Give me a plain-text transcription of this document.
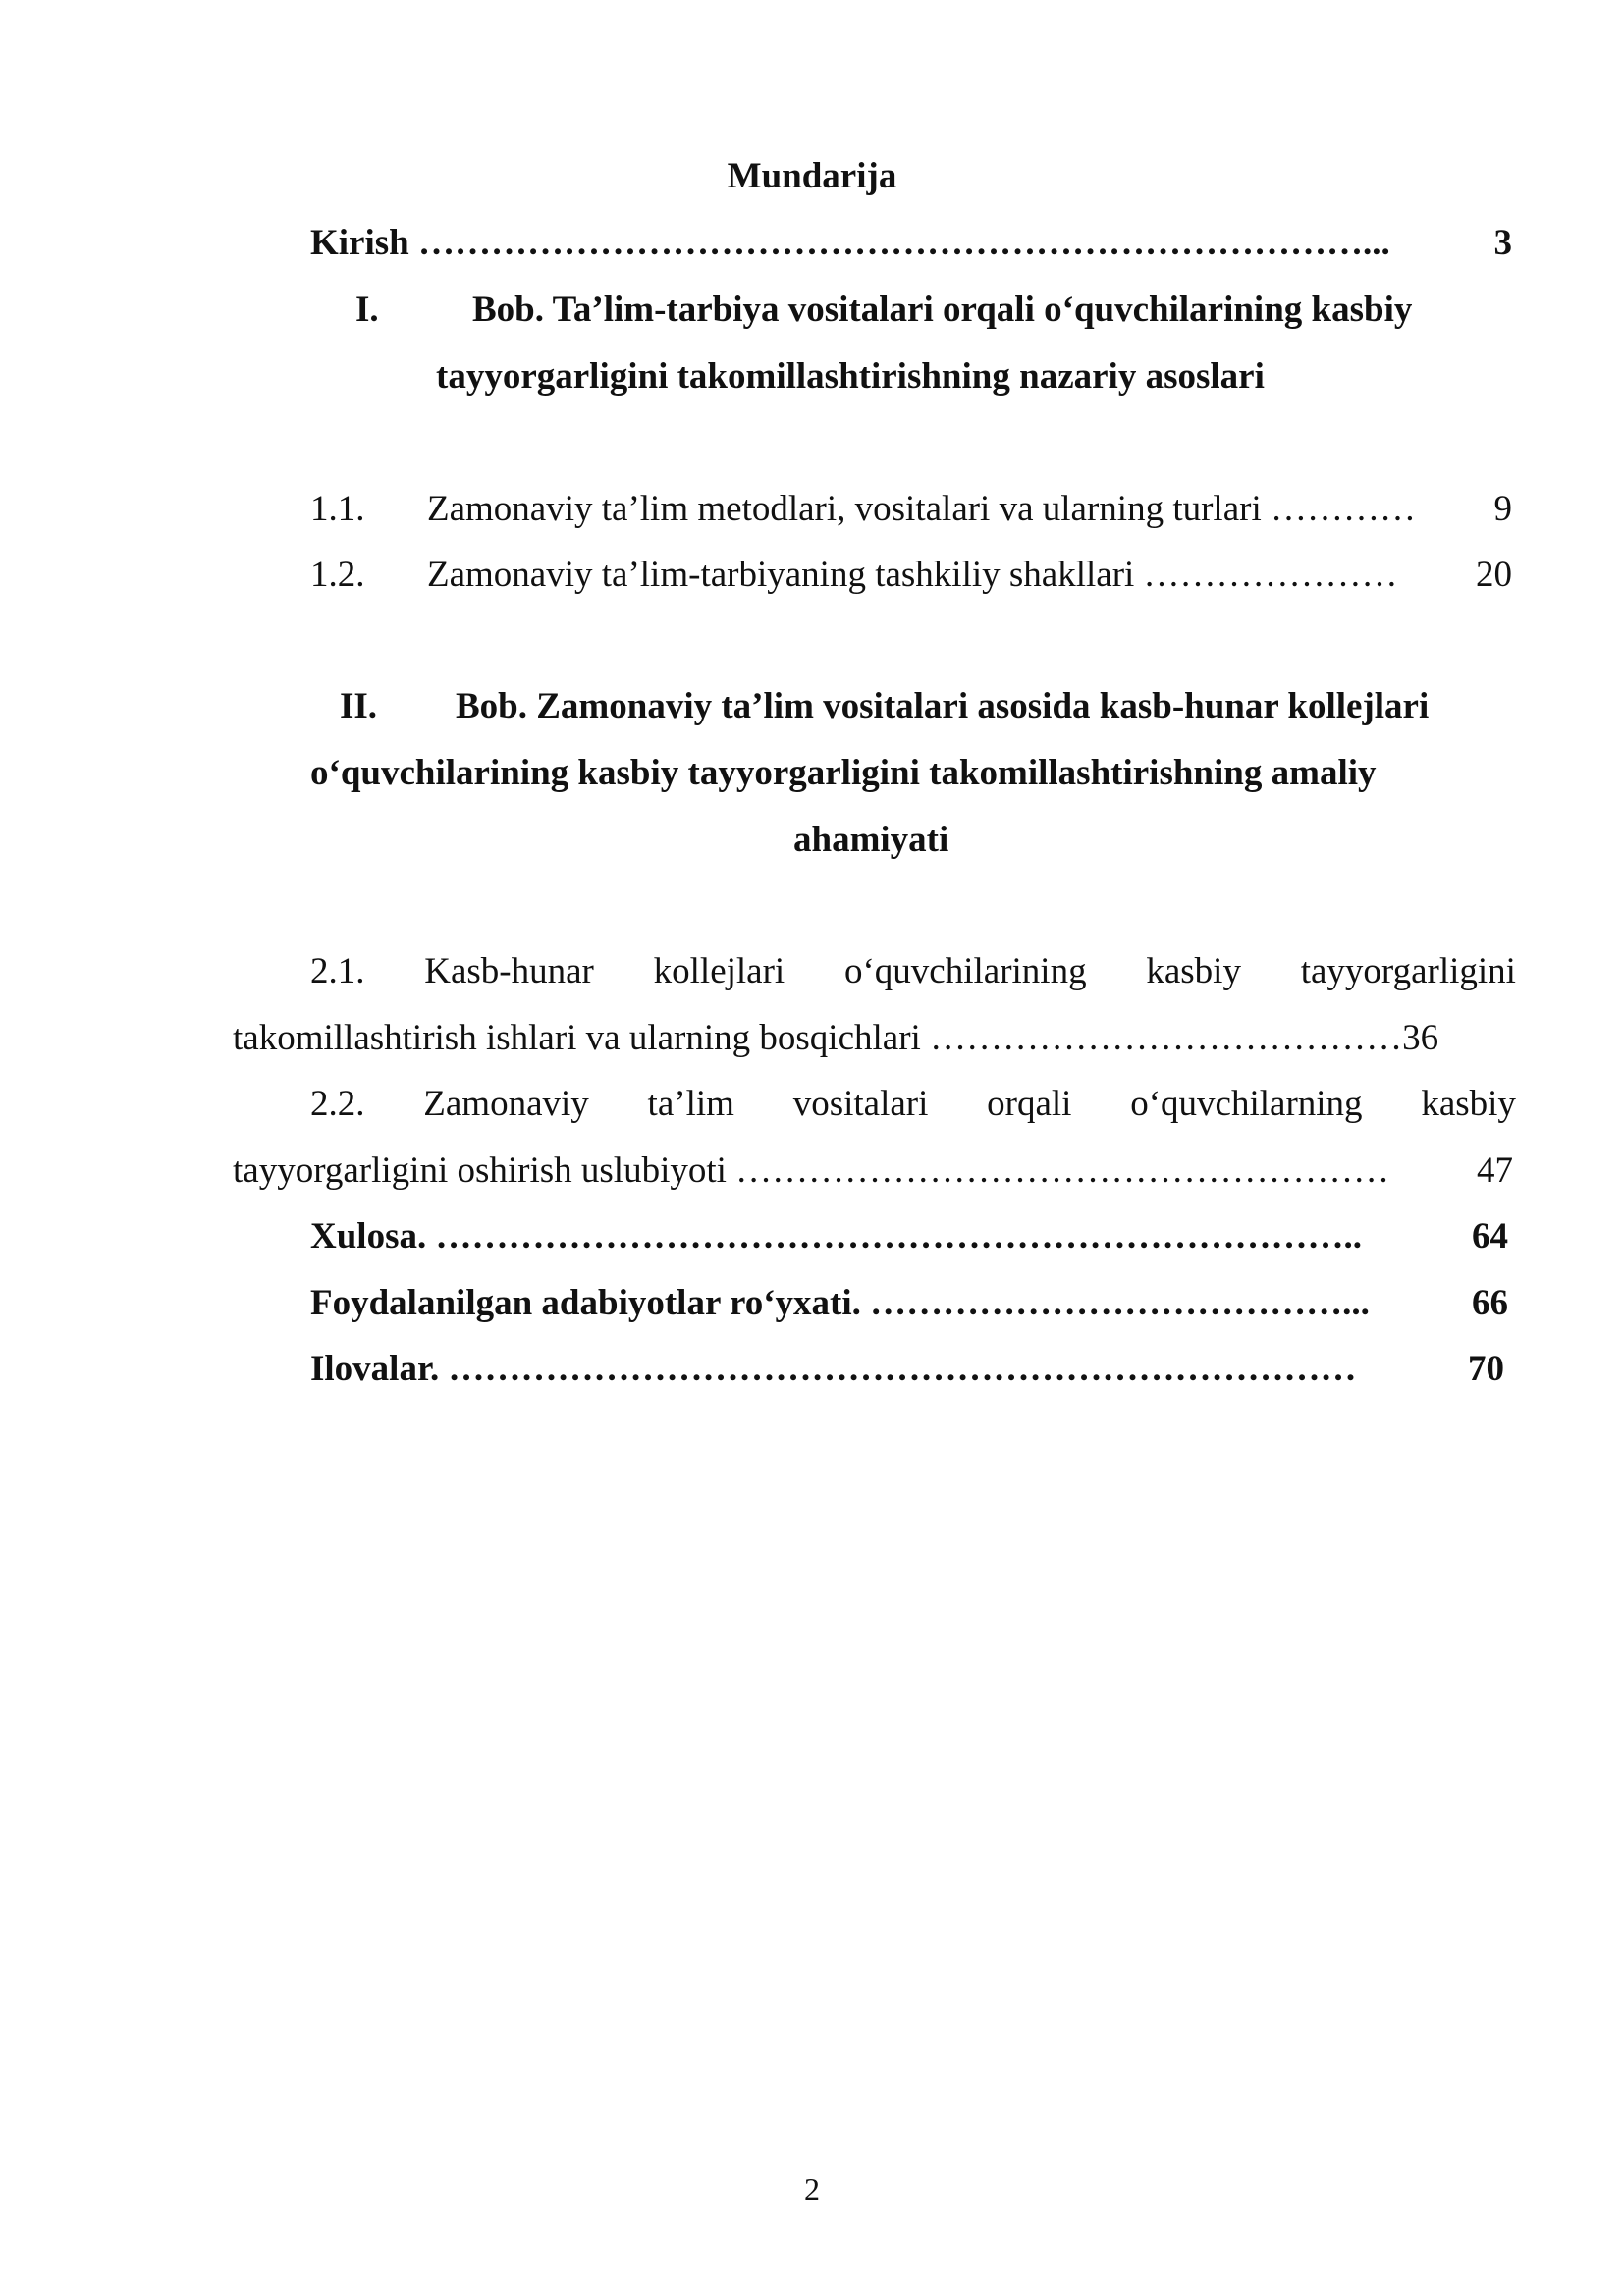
Mundarija
Kirish ……………………………………………………………………...	3
I.	Bob. Ta’lim-tarbiya vositalari orqali o‘quvchilarining kasbiy
tayyorgarligini takomillashtirishning nazariy asoslari
1.1. Zamonaviy ta’lim metodlari, vositalari va ularning turlari ………… 9
1.2. Zamonaviy ta’lim-tarbiyaning tashkiliy shakllari ………………… 20
II. Bob. Zamonaviy ta’lim vositalari asosida kasb-hunar kollejlari
o‘quvchilarining kasbiy tayyorgarligini takomillashtirishning amaliy
ahamiyati
2.1. Kasb-hunar kollejlari o‘quvchilarining kasbiy tayyorgarligini
takomillashtirish ishlari va ularning bosqichlari …………………………………36
2.2. Zamonaviy ta’lim vositalari orqali o‘quvchilarning kasbiy
tayyorgarligini oshirish uslubiyoti ……………………………………………… 47
Xulosa. …………………………………………………………………..	64
Foydalanilgan adabiyotlar ro‘yxati. …………………………………...	66
Ilovalar. …………………………………………………………………	70
2
